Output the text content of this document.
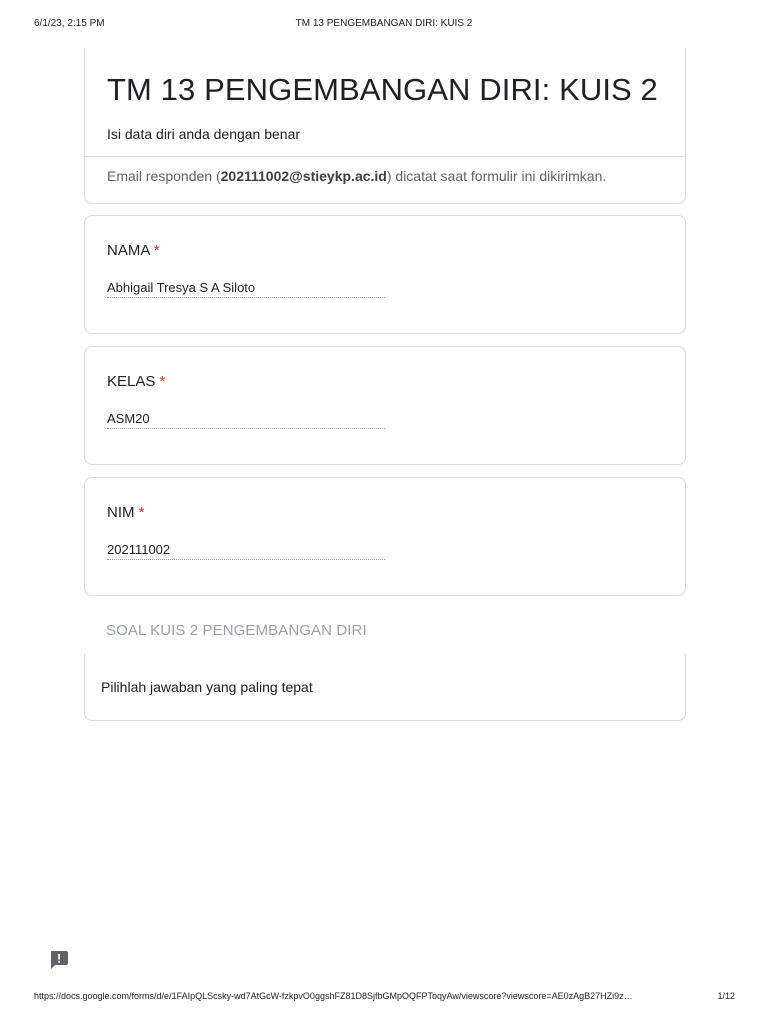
6/1/23, 2:15 PM	TM 13 PENGEMBANGAN DIRI: KUIS 2
TM 13 PENGEMBANGAN DIRI: KUIS 2
Isi data diri anda dengan benar
Email responden (202111002@stieykp.ac.id) dicatat saat formulir ini dikirimkan.
NAMA *
Abhigail Tresya S A Siloto
KELAS *
ASM20
NIM *
202111002
SOAL KUIS 2 PENGEMBANGAN DIRI
Pilihlah jawaban yang paling tepat
https://docs.google.com/forms/d/e/1FAIpQLScsky-wd7AtGcW-fzkpvO0ggshFZ81D8SjfbGMpOQFPToqyAw/viewscore?viewscore=AE0zAgB27HZi9z…	1/12
